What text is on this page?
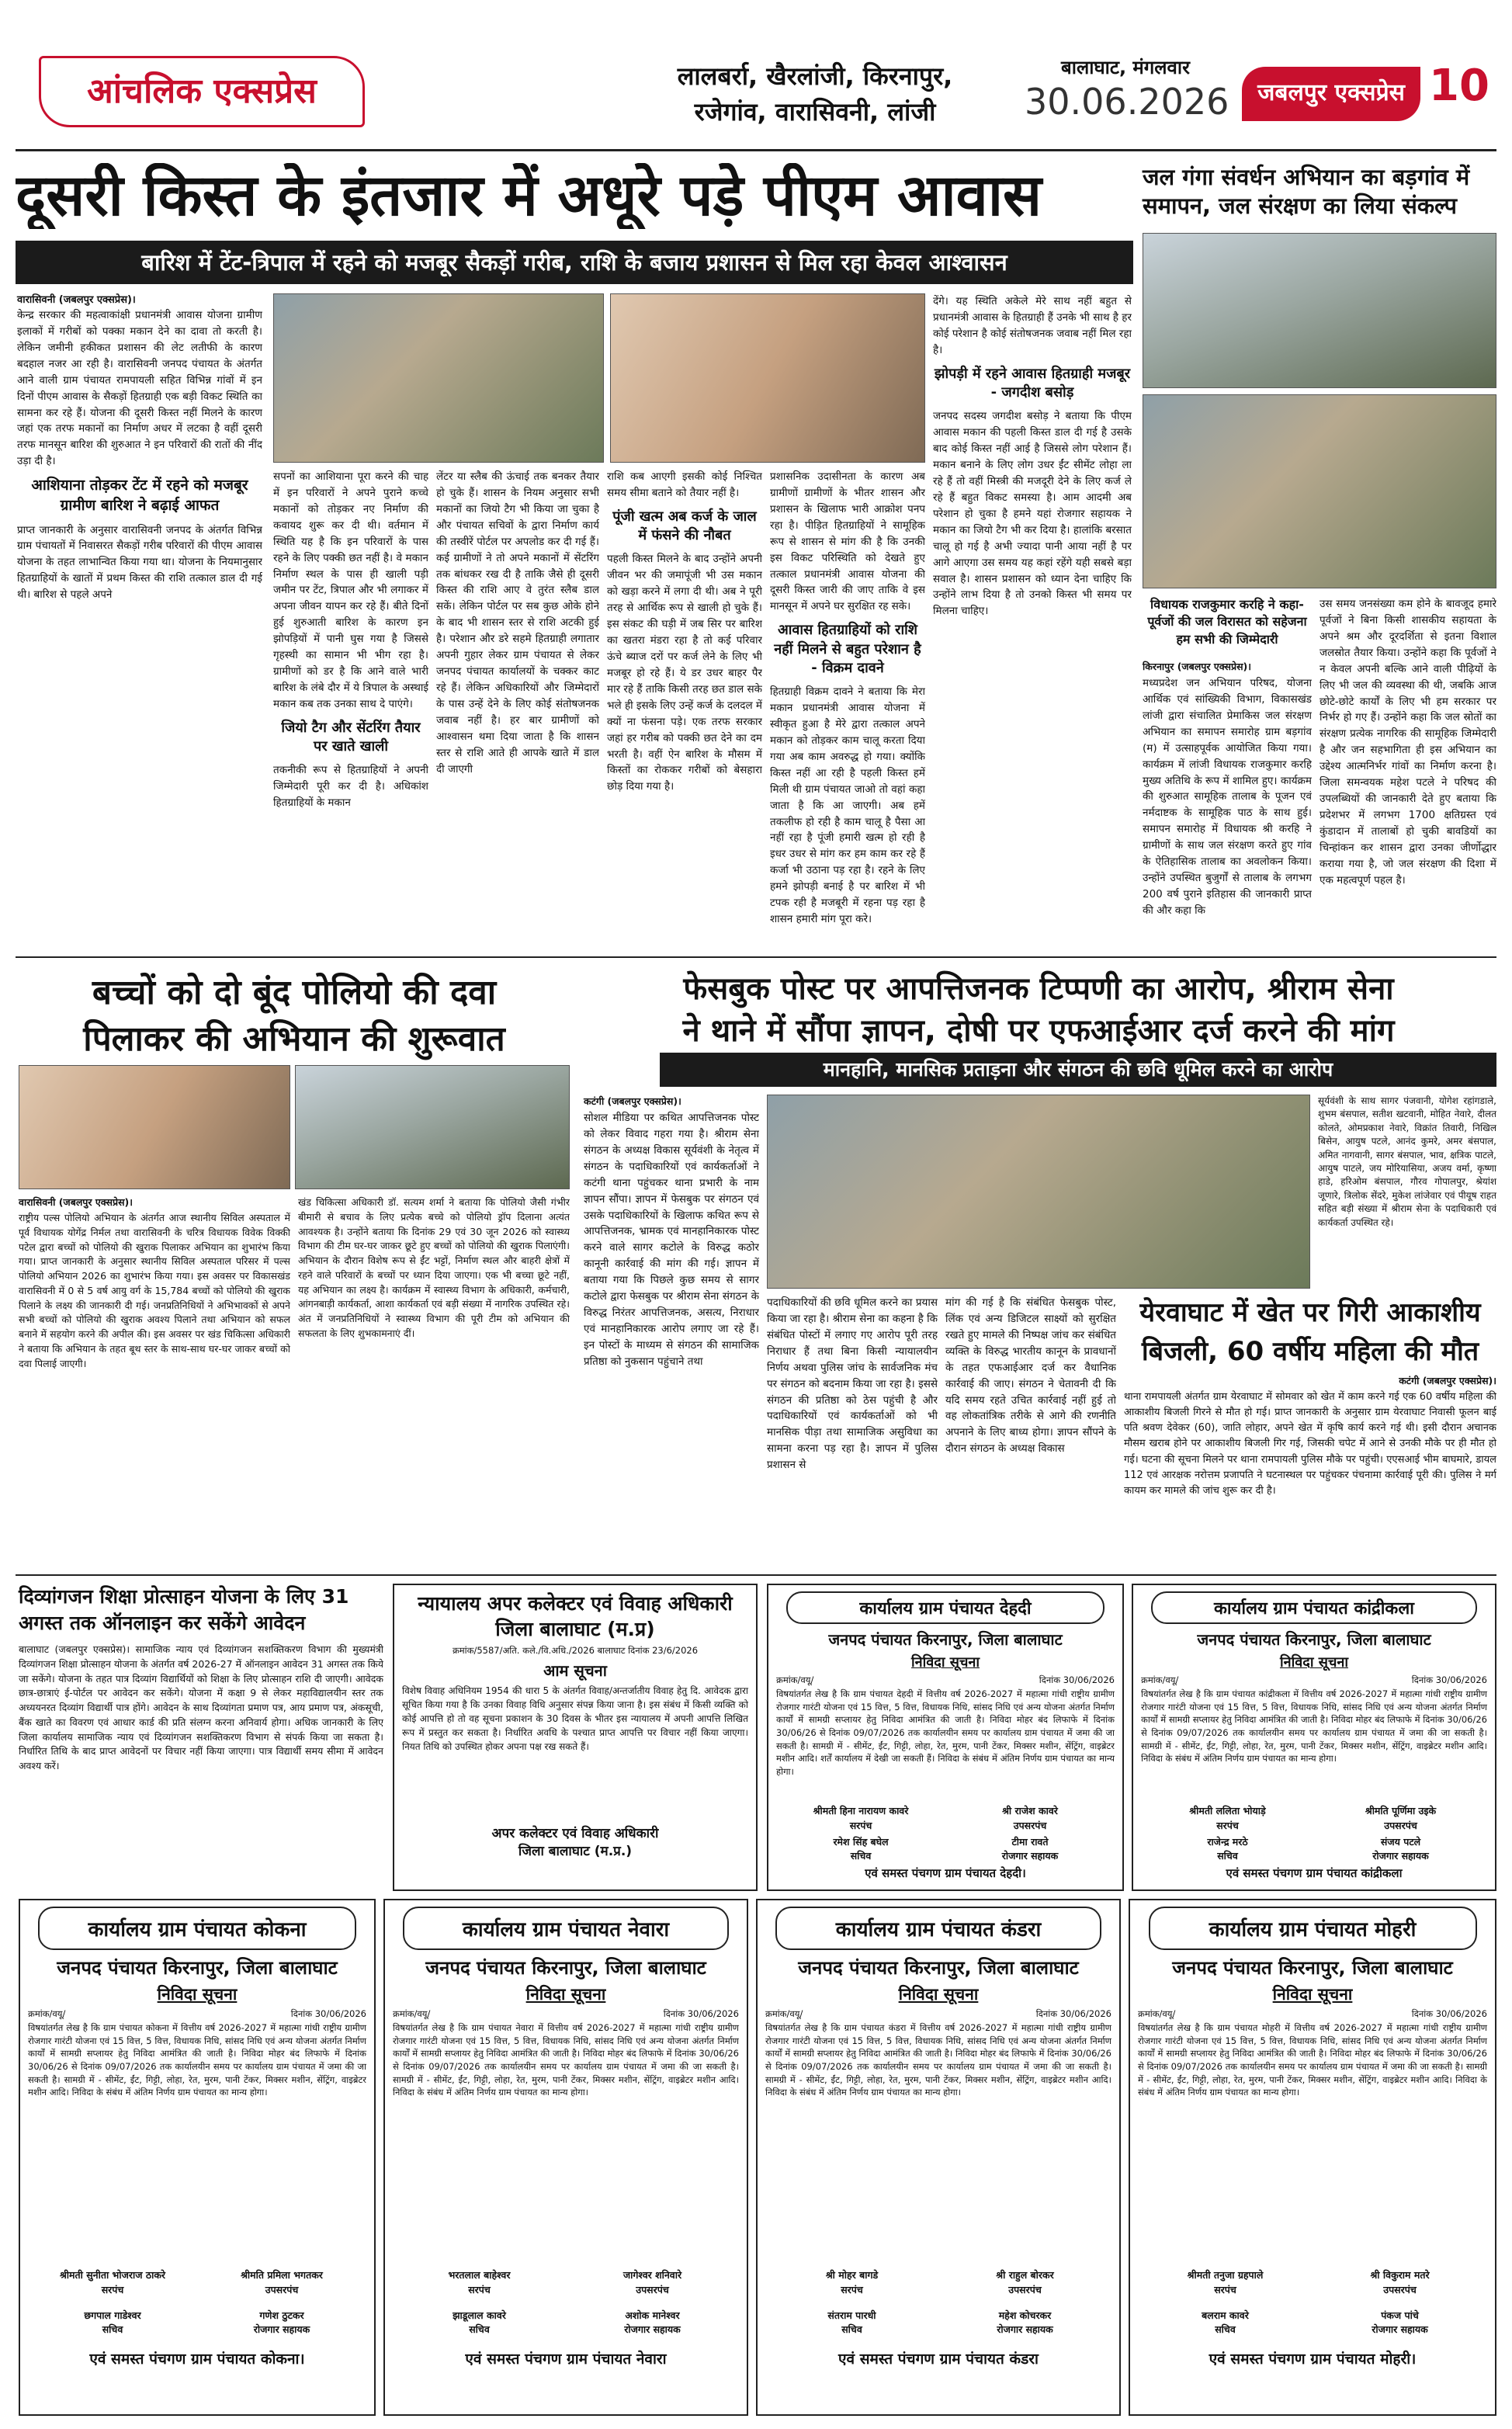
आंचलिक एक्सप्रेस	लालबर्रा, खैरलांजी, किरनापुर,
रजेगांव, वारासिवनी, लांजी
बालाघाट, मंगलवार
30.06.2026	जबलपुर एक्सप्रेस 10
दूसरी किस्त के इंतजार में अधूरे पड़े पीएम आवास
बारिश में टेंट-त्रिपाल में रहने को मजबूर सैकड़ों गरीब, राशि के बजाय प्रशासन से मिल रहा केवल आश्वासन
वारासिवनी (जबलपुर एक्सप्रेस)।

केन्द्र सरकार की महत्वाकांक्षी प्रधानमंत्री आवास योजना ग्रामीण इलाकों में गरीबों को पक्का मकान देने का दावा तो करती है। लेकिन जमीनी हकीकत प्रशासन की लेट लतीफी के कारण बदहाल नजर आ रही है। वारासिवनी जनपद पंचायत के अंतर्गत आने वाली ग्राम पंचायत रामपायली सहित विभिन्न गांवों में इन दिनों पीएम आवास के सैकड़ों हितग्राही एक बड़ी विकट स्थिति का सामना कर रहे हैं। योजना की दूसरी किस्त नहीं मिलने के कारण जहां एक तरफ मकानों का निर्माण अधर में लटका है वहीं दूसरी तरफ मानसून बारिश की शुरुआत ने इन परिवारों की रातों की नींद उड़ा दी है।

आशियाना तोड़कर टेंट में रहने को मजबूर ग्रामीण बारिश ने बढ़ाई आफत

प्राप्त जानकारी के अनुसार वारासिवनी जनपद के अंतर्गत विभिन्न ग्राम पंचायतों में निवासरत सैकड़ों गरीब परिवारों की पीएम आवास योजना के तहत लाभान्वित किया गया था। योजना के नियमानुसार हितग्राहियों के खातों में प्रथम किस्त की राशि तत्काल डाल दी गई थी। बारिश से पहले अपने

सपनों का आशियाना पूरा करने की चाह में इन परिवारों ने अपने पुराने कच्चे मकानों को तोड़कर नए निर्माण की कवायद शुरू कर दी थी। वर्तमान में स्थिति यह है कि इन परिवारों के पास रहने के लिए पक्की छत नहीं है। वे मकान निर्माण स्थल के पास ही खाली पड़ी जमीन पर टेंट, त्रिपाल और भी लगाकर में अपना जीवन यापन कर रहे हैं। बीते दिनों हुई शुरुआती बारिश के कारण इन झोपड़ियों में पानी घुस गया है जिससे गृहस्थी का सामान भी भीग रहा है। ग्रामीणों को डर है कि आने वाले भारी बारिश के लंबे दौर में ये त्रिपाल के अस्थाई मकान कब तक उनका साथ दे पाएंगे।

जियो टैग और सेंटरिंग तैयार पर खाते खाली

तकनीकी रूप से हितग्राहियों ने अपनी जिम्मेदारी पूरी कर दी है। अधिकांश हितग्राहियों के मकान

लेंटर या स्लैब की ऊंचाई तक बनकर तैयार हो चुके हैं। शासन के नियम अनुसार सभी मकानों का जियो टैग भी किया जा चुका है और पंचायत सचिवों के द्वारा निर्माण कार्य की तस्वीरें पोर्टल पर अपलोड कर दी गई हैं। कई ग्रामीणों ने तो अपने मकानों में सेंटरिंग तक बांधकर रख दी है ताकि जैसे ही दूसरी किस्त की राशि आए वे तुरंत स्लैब डाल सकें। लेकिन पोर्टल पर सब कुछ ओके होने के बाद भी शासन स्तर से राशि अटकी हुई है। परेशान और डरे सहमे हितग्राही लगातार अपनी गुहार लेकर ग्राम पंचायत से लेकर जनपद पंचायत कार्यालयों के चक्कर काट रहे हैं। लेकिन अधिकारियों और जिम्मेदारों के पास उन्हें देने के लिए कोई संतोषजनक जवाब नहीं है। हर बार ग्रामीणों को आश्वासन थमा दिया जाता है कि शासन स्तर से राशि आते ही आपके खाते में डाल दी जाएगी

राशि कब आएगी इसकी कोई निश्चित समय सीमा बताने को तैयार नहीं है।

पूंजी खत्म अब कर्ज के जाल में फंसने की नौबत

पहली किस्त मिलने के बाद उन्होंने अपनी जीवन भर की जमापूंजी भी उस मकान को खड़ा करने में लगा दी थी। अब ने पूरी तरह से आर्थिक रूप से खाली हो चुके हैं। इस संकट की घड़ी में जब सिर पर बारिश का खतरा मंडरा रहा है तो कई परिवार ऊंचे ब्याज दरों पर कर्ज लेने के लिए भी मजबूर हो रहे हैं। ये डर उधर बाहर पैर मार रहे हैं ताकि किसी तरह छत डाल सके भले ही इसके लिए उन्हें कर्ज के दलदल में क्यों ना फंसना पड़े। एक तरफ सरकार जहां हर गरीब को पक्की छत देने का दम भरती है। वहीं ऐन बारिश के मौसम में किस्तों का रोककर गरीबों को बेसहारा छोड़ दिया गया है।

प्रशासनिक उदासीनता के कारण अब ग्रामीणों ग्रामीणों के भीतर शासन और प्रशासन के खिलाफ भारी आक्रोश पनप रहा है। पीड़ित हितग्राहियों ने सामूहिक रूप से शासन से मांग की है कि उनकी इस विकट परिस्थिति को देखते हुए तत्काल प्रधानमंत्री आवास योजना की दूसरी किस्त जारी की जाए ताकि वे इस मानसून में अपने घर सुरक्षित रह सके।

आवास हितग्राहियों को राशि नहीं मिलने से बहुत परेशान है - विक्रम दावने

हितग्राही विक्रम दावने ने बताया कि मेरा मकान प्रधानमंत्री आवास योजना में स्वीकृत हुआ है मेरे द्वारा तत्काल अपने मकान को तोड़कर काम चालू करता दिया गया अब काम अवरुद्ध हो गया। क्योंकि किस्त नहीं आ रही है पहली किस्त हमें मिली थी ग्राम पंचायत जाओ तो वहां कहा जाता है कि आ जाएगी। अब हमें तकलीफ हो रही है काम चालू है पैसा आ नहीं रहा है पूंजी हमारी खत्म हो रही है इधर उधर से मांग कर हम काम कर रहे हैं कर्जा भी उठाना पड़ रहा है। रहने के लिए हमने झोपड़ी बनाई है पर बारिश में भी टपक रही है मजबूरी में रहना पड़ रहा है शासन हमारी मांग पूरा करे।

देंगे। यह स्थिति अकेले मेरे साथ नहीं बहुत से प्रधानमंत्री आवास के हितग्राही हैं उनके भी साथ है हर कोई परेशान है कोई संतोषजनक जवाब नहीं मिल रहा है।

झोपड़ी में रहने आवास हितग्राही मजबूर - जगदीश बसोड़

जनपद सदस्य जगदीश बसोड़ ने बताया कि पीएम आवास मकान की पहली किस्त डाल दी गई है उसके बाद कोई किस्त नहीं आई है जिससे लोग परेशान हैं। मकान बनाने के लिए लोग उधर ईंट सीमेंट लोहा ला रहे हैं तो वहीं मिस्त्री की मजदूरी देने के लिए कर्ज ले रहे हैं बहुत विकट समस्या है। आम आदमी अब परेशान हो चुका है हमने यहां रोजगार सहायक ने मकान का जियो टैग भी कर दिया है। हालांकि बरसात चालू हो गई है अभी ज्यादा पानी आया नहीं है पर आगे आएगा उस समय यह कहां रहेंगे यही सबसे बड़ा सवाल है। शासन प्रशासन को ध्यान देना चाहिए कि उन्होंने लाभ दिया है तो उनको किस्त भी समय पर मिलना चाहिए।

जल गंगा संवर्धन अभियान का बड़गांव में समापन, जल संरक्षण का लिया संकल्प
विधायक राजकुमार करहि ने कहा-पूर्वजों की जल विरासत को सहेजना हम सभी की जिम्मेदारी
किरनापुर (जबलपुर एक्सप्रेस)।
मध्यप्रदेश जन अभियान परिषद, योजना आर्थिक एवं सांख्यिकी विभाग, विकासखंड लांजी द्वारा संचालित प्रेमाकिस जल संरक्षण अभियान का समापन समारोह ग्राम बड़गांव (म) में उत्साहपूर्वक आयोजित किया गया। कार्यक्रम में लांजी विधायक राजकुमार करहि मुख्य अतिथि के रूप में शामिल हुए। कार्यक्रम की शुरुआत सामूहिक तालाब के पूजन एवं नर्मदाष्टक के सामूहिक पाठ के साथ हुई। समापन समारोह में विधायक श्री करहि ने ग्रामीणों के साथ जल संरक्षण करते हुए गांव के ऐतिहासिक तालाब का अवलोकन किया। उन्होंने उपस्थित बुजुर्गों से तालाब के लगभग 200 वर्ष पुराने इतिहास की जानकारी प्राप्त की और कहा कि
उस समय जनसंख्या कम होने के बावजूद हमारे पूर्वजों ने बिना किसी शासकीय सहायता के अपने श्रम और दूरदर्शिता से इतना विशाल जलस्रोत तैयार किया। उन्होंने कहा कि पूर्वजों ने न केवल अपनी बल्कि आने वाली पीढ़ियों के लिए भी जल की व्यवस्था की थी, जबकि आज छोटे-छोटे कार्यों के लिए भी हम सरकार पर निर्भर हो गए हैं। उन्होंने कहा कि जल स्रोतों का संरक्षण प्रत्येक नागरिक की सामूहिक जिम्मेदारी है और जन सहभागिता ही इस अभियान का उद्देश्य आत्मनिर्भर गांवों का निर्माण करना है। जिला समन्वयक महेश पटले ने परिषद की उपलब्धियों की जानकारी देते हुए बताया कि प्रदेशभर में लगभग 1700 क्षतिग्रस्त एवं कुंडादान में तालाबों हो चुकी बावडियों का चिन्हांकन कर शासन द्वारा उनका जीर्णोद्धार कराया गया है, जो जल संरक्षण की दिशा में एक महत्वपूर्ण पहल है।
बच्चों को दो बूंद पोलियो की दवा
पिलाकर की अभियान की शुरूवात
वारासिवनी (जबलपुर एक्सप्रेस)।
राष्ट्रीय पल्स पोलियो अभियान के अंतर्गत आज स्थानीय सिविल अस्पताल में पूर्व विधायक योगेंद्र निर्मल तथा वारासिवनी के चरित्र विधायक विवेक विक्की पटेल द्वारा बच्चों को पोलियो की खुराक पिलाकर अभियान का शुभारंभ किया गया। प्राप्त जानकारी के अनुसार स्थानीय सिविल अस्पताल परिसर में पल्स पोलियो अभियान 2026 का शुभारंभ किया गया। इस अवसर पर विकासखंड वारासिवनी में 0 से 5 वर्ष आयु वर्ग के 15,784 बच्चों को पोलियो की खुराक पिलाने के लक्ष्य की जानकारी दी गई। जनप्रतिनिधियों ने अभिभावकों से अपने सभी बच्चों को पोलियो की खुराक अवश्य पिलाने तथा अभियान को सफल बनाने में सहयोग करने की अपील की। इस अवसर पर खंड चिकित्सा अधिकारी ने बताया कि अभियान के तहत बूथ स्तर के साथ-साथ घर-घर जाकर बच्चों को दवा पिलाई जाएगी।
खंड चिकित्सा अधिकारी डॉ. सत्यम शर्मा ने बताया कि पोलियो जैसी गंभीर बीमारी से बचाव के लिए प्रत्येक बच्चे को पोलियो ड्रॉप दिलाना अत्यंत आवश्यक है। उन्होंने बताया कि दिनांक 29 एवं 30 जून 2026 को स्वास्थ्य विभाग की टीम घर-घर जाकर छूटे हुए बच्चों को पोलियो की खुराक पिलाएंगी। अभियान के दौरान विशेष रूप से ईंट भट्टों, निर्माण स्थल और बाहरी क्षेत्रों में रहने वाले परिवारों के बच्चों पर ध्यान दिया जाएगा। एक भी बच्चा छूटे नहीं, यह अभियान का लक्ष्य है। कार्यक्रम में स्वास्थ्य विभाग के अधिकारी, कर्मचारी, आंगनबाड़ी कार्यकर्ता, आशा कार्यकर्ता एवं बड़ी संख्या में नागरिक उपस्थित रहे। अंत में जनप्रतिनिधियों ने स्वास्थ्य विभाग की पूरी टीम को अभियान की सफलता के लिए शुभकामनाएं दीं।
फेसबुक पोस्ट पर आपत्तिजनक टिप्पणी का आरोप, श्रीराम सेना
ने थाने में सौंपा ज्ञापन, दोषी पर एफआईआर दर्ज करने की मांग
मानहानि, मानसिक प्रताड़ना और संगठन की छवि धूमिल करने का आरोप
कटंगी (जबलपुर एक्सप्रेस)।
सोशल मीडिया पर कथित आपत्तिजनक पोस्ट को लेकर विवाद गहरा गया है। श्रीराम सेना संगठन के अध्यक्ष विकास सूर्यवंशी के नेतृत्व में संगठन के पदाधिकारियों एवं कार्यकर्ताओं ने कटंगी थाना पहुंचकर थाना प्रभारी के नाम ज्ञापन सौंपा। ज्ञापन में फेसबुक पर संगठन एवं उसके पदाधिकारियों के खिलाफ कथित रूप से आपत्तिजनक, भ्रामक एवं मानहानिकारक पोस्ट करने वाले सागर कटोले के विरुद्ध कठोर कानूनी कार्रवाई की मांग की गई। ज्ञापन में बताया गया कि पिछले कुछ समय से सागर कटोले द्वारा फेसबुक पर श्रीराम सेना संगठन के विरुद्ध निरंतर आपत्तिजनक, असत्य, निराधार एवं मानहानिकारक आरोप लगाए जा रहे हैं। इन पोस्टों के माध्यम से संगठन की सामाजिक प्रतिष्ठा को नुकसान पहुंचाने तथा
पदाधिकारियों की छवि धूमिल करने का प्रयास किया जा रहा है। श्रीराम सेना का कहना है कि संबंधित पोस्टों में लगाए गए आरोप पूरी तरह निराधार हैं तथा बिना किसी न्यायालयीन निर्णय अथवा पुलिस जांच के सार्वजनिक मंच पर संगठन को बदनाम किया जा रहा है। इससे संगठन की प्रतिष्ठा को ठेस पहुंची है और पदाधिकारियों एवं कार्यकर्ताओं को भी मानसिक पीड़ा तथा सामाजिक असुविधा का सामना करना पड़ रहा है। ज्ञापन में पुलिस प्रशासन से
मांग की गई है कि संबंधित फेसबुक पोस्ट, लिंक एवं अन्य डिजिटल साक्ष्यों को सुरक्षित रखते हुए मामले की निष्पक्ष जांच कर संबंधित व्यक्ति के विरुद्ध भारतीय कानून के प्रावधानों के तहत एफआईआर दर्ज कर वैधानिक कार्रवाई की जाए। संगठन ने चेतावनी दी कि यदि समय रहते उचित कार्रवाई नहीं हुई तो वह लोकतांत्रिक तरीके से आगे की रणनीति अपनाने के लिए बाध्य होगा। ज्ञापन सौंपने के दौरान संगठन के अध्यक्ष विकास
सूर्यवंशी के साथ सागर पंजवानी, योगेश रहांगडाले, शुभम बंसपाल, सतीश खटवानी, मोहित नेवारे, दीलत कोलते, ओमप्रकाश नेवारे, विक्रांत तिवारी, निखिल बिसेन, आयुष पटले, आनंद कुमरे, अमर बंसपाल, अमित नागवानी, सागर बंसपाल, भाव, क्षत्रिक पाटले, आयुष पाटले, जय मोरियासिया, अजय वर्मा, कृष्णा हाडे, हरिओम बंसपाल, गौरव गोपालपुर, श्रेयांश जूणारे, त्रिलोक सेंदरे, मुकेश लांजेवार एवं पीयूष राहत सहित बड़ी संख्या में श्रीराम सेना के पदाधिकारी एवं कार्यकर्ता उपस्थित रहे।
येरवाघाट में खेत पर गिरी आकाशीय
बिजली, 60 वर्षीय महिला की मौत
कटंगी (जबलपुर एक्सप्रेस)।
थाना रामपायली अंतर्गत ग्राम येरवाघाट में सोमवार को खेत में काम करने गई एक 60 वर्षीय महिला की आकाशीय बिजली गिरने से मौत हो गई। प्राप्त जानकारी के अनुसार ग्राम येरवाघाट निवासी फूलन बाई पति श्रवण देवेकर (60), जाति लोहार, अपने खेत में कृषि कार्य करने गई थी। इसी दौरान अचानक मौसम खराब होने पर आकाशीय बिजली गिर गई, जिसकी चपेट में आने से उनकी मौके पर ही मौत हो गई। घटना की सूचना मिलने पर थाना रामपायली पुलिस मौके पर पहुंची। एएसआई भीम बाघमारे, डायल 112 एवं आरक्षक नरोत्तम प्रजापति ने घटनास्थल पर पहुंचकर पंचनामा कार्रवाई पूरी की। पुलिस ने मर्ग कायम कर मामले की जांच शुरू कर दी है।
दिव्यांगजन शिक्षा प्रोत्साहन योजना के लिए 31 अगस्त तक ऑनलाइन कर सकेंगे आवेदन
बालाघाट (जबलपुर एक्सप्रेस)। सामाजिक न्याय एवं दिव्यांगजन सशक्तिकरण विभाग की मुख्यमंत्री दिव्यांगजन शिक्षा प्रोत्साहन योजना के अंतर्गत वर्ष 2026-27 में ऑनलाइन आवेदन 31 अगस्त तक किये जा सकेंगे। योजना के तहत पात्र दिव्यांग विद्यार्थियों को शिक्षा के लिए प्रोत्साहन राशि दी जाएगी। आवेदक छात्र-छात्राएं ई-पोर्टल पर आवेदन कर सकेंगे। योजना में कक्षा 9 से लेकर महाविद्यालयीन स्तर तक अध्ययनरत दिव्यांग विद्यार्थी पात्र होंगे। आवेदन के साथ दिव्यांगता प्रमाण पत्र, आय प्रमाण पत्र, अंकसूची, बैंक खाते का विवरण एवं आधार कार्ड की प्रति संलग्न करना अनिवार्य होगा। अधिक जानकारी के लिए जिला कार्यालय सामाजिक न्याय एवं दिव्यांगजन सशक्तिकरण विभाग से संपर्क किया जा सकता है। निर्धारित तिथि के बाद प्राप्त आवेदनों पर विचार नहीं किया जाएगा। पात्र विद्यार्थी समय सीमा में आवेदन अवश्य करें।
न्यायालय अपर कलेक्टर एवं विवाह अधिकारी जिला बालाघाट (म.प्र)
क्रमांक/5587/अति. कले./वि.अधि./2026 बालाघाट दिनांक 23/6/2026
आम सूचना
विशेष विवाह अधिनियम 1954 की धारा 5 के अंतर्गत विवाह/अन्तर्जातीय विवाह हेतु दि. आवेदक द्वारा सूचित किया गया है कि उनका विवाह विधि अनुसार संपन्न किया जाना है। इस संबंध में किसी व्यक्ति को कोई आपत्ति हो तो वह सूचना प्रकाशन के 30 दिवस के भीतर इस न्यायालय में अपनी आपत्ति लिखित रूप में प्रस्तुत कर सकता है। निर्धारित अवधि के पश्चात प्राप्त आपत्ति पर विचार नहीं किया जाएगा। नियत तिथि को उपस्थित होकर अपना पक्ष रख सकते हैं।
अपर कलेक्टर एवं विवाह अधिकारी
जिला बालाघाट (म.प्र.)
कार्यालय ग्राम पंचायत देहदी
जनपद पंचायत किरनापुर, जिला बालाघाट
निविदा सूचना
क्रमांक/वयू/	दिनांक 30/06/2026
विषयांतर्गत लेख है कि ग्राम पंचायत देहदी में वित्तीय वर्ष 2026-2027 में महात्मा गांधी राष्ट्रीय ग्रामीण रोजगार गारंटी योजना एवं 15 वित्त, 5 वित्त, विधायक निधि, सांसद निधि एवं अन्य योजना अंतर्गत निर्माण कार्यों में सामग्री सप्लायर हेतु निविदा आमंत्रित की जाती है। निविदा मोहर बंद लिफाफे में दिनांक 30/06/26 से दिनांक 09/07/2026 तक कार्यालयीन समय पर कार्यालय ग्राम पंचायत में जमा की जा सकती है। सामग्री में - सीमेंट, ईंट, गिट्टी, लोहा, रेत, मुरम, पानी टेंकर, मिक्सर मशीन, सेंट्रिंग, वाइब्रेटर मशीन आदि। शर्तें कार्यालय में देखी जा सकती हैं। निविदा के संबंध में अंतिम निर्णय ग्राम पंचायत का मान्य होगा।
श्रीमती हिना नारायण कावरे
सरपंच
श्री राजेश कावरे
उपसरपंच
रमेश सिंह बघेल
सचिव
टीमा रावते
रोजगार सहायक
एवं समस्त पंचगण ग्राम पंचायत देहदी।
कार्यालय ग्राम पंचायत कांद्रीकला
जनपद पंचायत किरनापुर, जिला बालाघाट
निविदा सूचना
क्रमांक/वयू/	दिनांक 30/06/2026
विषयांतर्गत लेख है कि ग्राम पंचायत कांद्रीकला में वित्तीय वर्ष 2026-2027 में महात्मा गांधी राष्ट्रीय ग्रामीण रोजगार गारंटी योजना एवं 15 वित्त, 5 वित्त, विधायक निधि, सांसद निधि एवं अन्य योजना अंतर्गत निर्माण कार्यों में सामग्री सप्लायर हेतु निविदा आमंत्रित की जाती है। निविदा मोहर बंद लिफाफे में दिनांक 30/06/26 से दिनांक 09/07/2026 तक कार्यालयीन समय पर कार्यालय ग्राम पंचायत में जमा की जा सकती है। सामग्री में - सीमेंट, ईंट, गिट्टी, लोहा, रेत, मुरम, पानी टेंकर, मिक्सर मशीन, सेंट्रिंग, वाइब्रेटर मशीन आदि। निविदा के संबंध में अंतिम निर्णय ग्राम पंचायत का मान्य होगा।
श्रीमती ललिता भोयाड़े
सरपंच
श्रीमति पूर्णिमा उइके
उपसरपंच
राजेन्द्र मरठे
सचिव
संजय पटले
रोजगार सहायक
एवं समस्त पंचगण ग्राम पंचायत कांद्रीकला
कार्यालय ग्राम पंचायत कोकना
जनपद पंचायत किरनापुर, जिला बालाघाट
निविदा सूचना
क्रमांक/वयू/	दिनांक 30/06/2026
विषयांतर्गत लेख है कि ग्राम पंचायत कोकना में वित्तीय वर्ष 2026-2027 में महात्मा गांधी राष्ट्रीय ग्रामीण रोजगार गारंटी योजना एवं 15 वित्त, 5 वित्त, विधायक निधि, सांसद निधि एवं अन्य योजना अंतर्गत निर्माण कार्यों में सामग्री सप्लायर हेतु निविदा आमंत्रित की जाती है। निविदा मोहर बंद लिफाफे में दिनांक 30/06/26 से दिनांक 09/07/2026 तक कार्यालयीन समय पर कार्यालय ग्राम पंचायत में जमा की जा सकती है। सामग्री में - सीमेंट, ईंट, गिट्टी, लोहा, रेत, मुरम, पानी टेंकर, मिक्सर मशीन, सेंट्रिंग, वाइब्रेटर मशीन आदि। निविदा के संबंध में अंतिम निर्णय ग्राम पंचायत का मान्य होगा।
श्रीमती सुनीता भोजराज ठाकरे
सरपंच
श्रीमति प्रमिला भगतकर
उपसरपंच
छगपाल गाडेश्वर
सचिव
गणेश ठुटकर
रोजगार सहायक
एवं समस्त पंचगण ग्राम पंचायत कोकना।
कार्यालय ग्राम पंचायत नेवारा
जनपद पंचायत किरनापुर, जिला बालाघाट
निविदा सूचना
क्रमांक/वयू/	दिनांक 30/06/2026
विषयांतर्गत लेख है कि ग्राम पंचायत नेवारा में वित्तीय वर्ष 2026-2027 में महात्मा गांधी राष्ट्रीय ग्रामीण रोजगार गारंटी योजना एवं 15 वित्त, 5 वित्त, विधायक निधि, सांसद निधि एवं अन्य योजना अंतर्गत निर्माण कार्यों में सामग्री सप्लायर हेतु निविदा आमंत्रित की जाती है। निविदा मोहर बंद लिफाफे में दिनांक 30/06/26 से दिनांक 09/07/2026 तक कार्यालयीन समय पर कार्यालय ग्राम पंचायत में जमा की जा सकती है। सामग्री में - सीमेंट, ईंट, गिट्टी, लोहा, रेत, मुरम, पानी टेंकर, मिक्सर मशीन, सेंट्रिंग, वाइब्रेटर मशीन आदि। निविदा के संबंध में अंतिम निर्णय ग्राम पंचायत का मान्य होगा।
भरतलाल बाहेश्वर
सरपंच
जागेश्वर शनिवारे
उपसरपंच
झाडूलाल कावरे
सचिव
अशोक मानेश्वर
रोजगार सहायक
एवं समस्त पंचगण ग्राम पंचायत नेवारा
कार्यालय ग्राम पंचायत कंडरा
जनपद पंचायत किरनापुर, जिला बालाघाट
निविदा सूचना
क्रमांक/वयू/	दिनांक 30/06/2026
विषयांतर्गत लेख है कि ग्राम पंचायत कंडरा में वित्तीय वर्ष 2026-2027 में महात्मा गांधी राष्ट्रीय ग्रामीण रोजगार गारंटी योजना एवं 15 वित्त, 5 वित्त, विधायक निधि, सांसद निधि एवं अन्य योजना अंतर्गत निर्माण कार्यों में सामग्री सप्लायर हेतु निविदा आमंत्रित की जाती है। निविदा मोहर बंद लिफाफे में दिनांक 30/06/26 से दिनांक 09/07/2026 तक कार्यालयीन समय पर कार्यालय ग्राम पंचायत में जमा की जा सकती है। सामग्री में - सीमेंट, ईंट, गिट्टी, लोहा, रेत, मुरम, पानी टेंकर, मिक्सर मशीन, सेंट्रिंग, वाइब्रेटर मशीन आदि। निविदा के संबंध में अंतिम निर्णय ग्राम पंचायत का मान्य होगा।
श्री मोहर बागडे
सरपंच
श्री राहुल बोरकर
उपसरपंच
संतराम पारधी
सचिव
महेश कोचरकर
रोजगार सहायक
एवं समस्त पंचगण ग्राम पंचायत कंडरा
कार्यालय ग्राम पंचायत मोहरी
जनपद पंचायत किरनापुर, जिला बालाघाट
निविदा सूचना
क्रमांक/वयू/	दिनांक 30/06/2026
विषयांतर्गत लेख है कि ग्राम पंचायत मोहरी में वित्तीय वर्ष 2026-2027 में महात्मा गांधी राष्ट्रीय ग्रामीण रोजगार गारंटी योजना एवं 15 वित्त, 5 वित्त, विधायक निधि, सांसद निधि एवं अन्य योजना अंतर्गत निर्माण कार्यों में सामग्री सप्लायर हेतु निविदा आमंत्रित की जाती है। निविदा मोहर बंद लिफाफे में दिनांक 30/06/26 से दिनांक 09/07/2026 तक कार्यालयीन समय पर कार्यालय ग्राम पंचायत में जमा की जा सकती है। सामग्री में - सीमेंट, ईंट, गिट्टी, लोहा, रेत, मुरम, पानी टेंकर, मिक्सर मशीन, सेंट्रिंग, वाइब्रेटर मशीन आदि। निविदा के संबंध में अंतिम निर्णय ग्राम पंचायत का मान्य होगा।
श्रीमती तनुजा ग्रहपाले
सरपंच
श्री विकुराम मतरे
उपसरपंच
बलराम कावरे
सचिव
पंकज पांचे
रोजगार सहायक
एवं समस्त पंचगण ग्राम पंचायत मोहरी।
